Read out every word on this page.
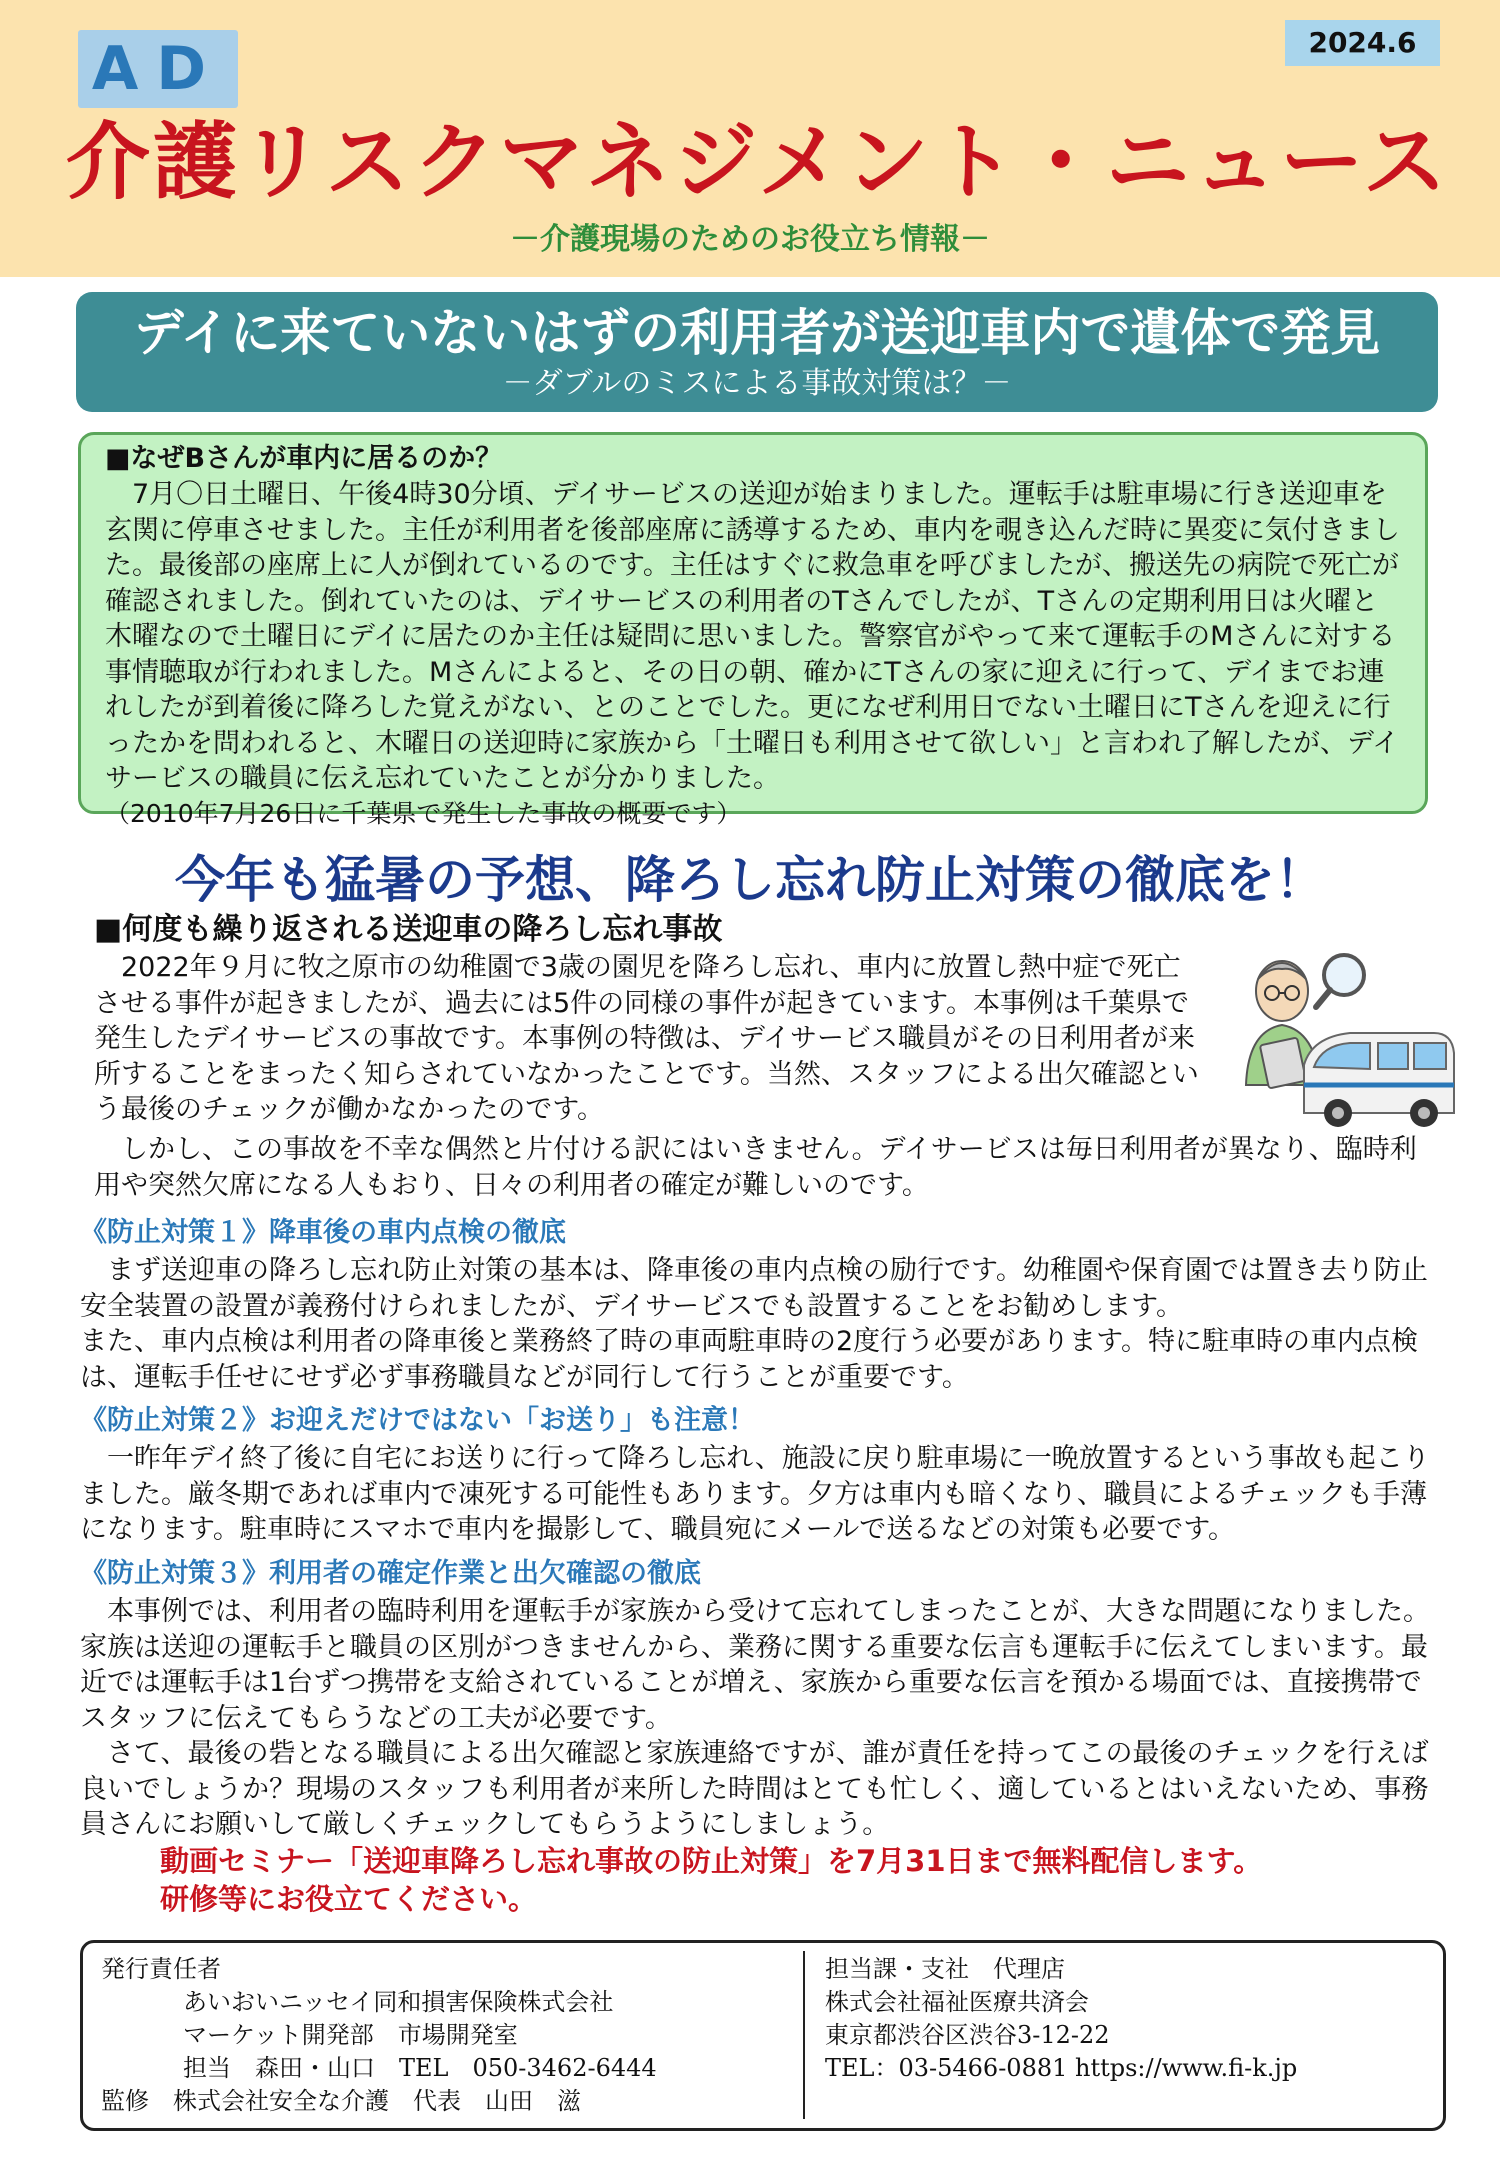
AD	2024.6
介護リスクマネジメント・ニュース
－介護現場のためのお役立ち情報－
デイに来ていないはずの利用者が送迎車内で遺体で発見
－ダブルのミスによる事故対策は？－
■なぜBさんが車内に居るのか？

7月〇日土曜日、午後4時30分頃、デイサービスの送迎が始まりました。運転手は駐車場に行き送迎車を玄関に停車させました。主任が利用者を後部座席に誘導するため、車内を覗き込んだ時に異変に気付きました。最後部の座席上に人が倒れているのです。主任はすぐに救急車を呼びましたが、搬送先の病院で死亡が確認されました。倒れていたのは、デイサービスの利用者のTさんでしたが、Tさんの定期利用日は火曜と木曜なので土曜日にデイに居たのか主任は疑問に思いました。警察官がやって来て運転手のMさんに対する事情聴取が行われました。Mさんによると、その日の朝、確かにTさんの家に迎えに行って、デイまでお連れしたが到着後に降ろした覚えがない、とのことでした。更になぜ利用日でない土曜日にTさんを迎えに行ったかを問われると、木曜日の送迎時に家族から「土曜日も利用させて欲しい」と言われ了解したが、デイサービスの職員に伝え忘れていたことが分かりました。

（2010年7月26日に千葉県で発生した事故の概要です）
今年も猛暑の予想、降ろし忘れ防止対策の徹底を！
■何度も繰り返される送迎車の降ろし忘れ事故

2022年９月に牧之原市の幼稚園で3歳の園児を降ろし忘れ、車内に放置し熱中症で死亡させる事件が起きましたが、過去には5件の同様の事件が起きています。本事例は千葉県で発生したデイサービスの事故です。本事例の特徴は、デイサービス職員がその日利用者が来所することをまったく知らされていなかったことです。当然、スタッフによる出欠確認という最後のチェックが働かなかったのです。

しかし、この事故を不幸な偶然と片付ける訳にはいきません。デイサービスは毎日利用者が異なり、臨時利用や突然欠席になる人もおり、日々の利用者の確定が難しいのです。

《防止対策１》降車後の車内点検の徹底

まず送迎車の降ろし忘れ防止対策の基本は、降車後の車内点検の励行です。幼稚園や保育園では置き去り防止安全装置の設置が義務付けられましたが、デイサービスでも設置することをお勧めします。

また、車内点検は利用者の降車後と業務終了時の車両駐車時の2度行う必要があります。特に駐車時の車内点検は、運転手任せにせず必ず事務職員などが同行して行うことが重要です。

《防止対策２》お迎えだけではない「お送り」も注意！

一昨年デイ終了後に自宅にお送りに行って降ろし忘れ、施設に戻り駐車場に一晩放置するという事故も起こりました。厳冬期であれば車内で凍死する可能性もあります。夕方は車内も暗くなり、職員によるチェックも手薄になります。駐車時にスマホで車内を撮影して、職員宛にメールで送るなどの対策も必要です。

《防止対策３》利用者の確定作業と出欠確認の徹底

本事例では、利用者の臨時利用を運転手が家族から受けて忘れてしまったことが、大きな問題になりました。家族は送迎の運転手と職員の区別がつきませんから、業務に関する重要な伝言も運転手に伝えてしまいます。最近では運転手は1台ずつ携帯を支給されていることが増え、家族から重要な伝言を預かる場面では、直接携帯でスタッフに伝えてもらうなどの工夫が必要です。

さて、最後の砦となる職員による出欠確認と家族連絡ですが、誰が責任を持ってこの最後のチェックを行えば良いでしょうか？現場のスタッフも利用者が来所した時間はとても忙しく、適しているとはいえないため、事務員さんにお願いして厳しくチェックしてもらうようにしましょう。

動画セミナー「送迎車降ろし忘れ事故の防止対策」を7月31日まで無料配信します。
研修等にお役立てください。
発行責任者
あいおいニッセイ同和損害保険株式会社
マーケット開発部　市場開発室
担当　森田・山口　TEL　050-3462-6444
監修　株式会社安全な介護　代表　山田　滋
担当課・支社　代理店
株式会社福祉医療共済会
東京都渋谷区渋谷3-12-22
TEL：03-5466-0881 https://www.fi-k.jp
